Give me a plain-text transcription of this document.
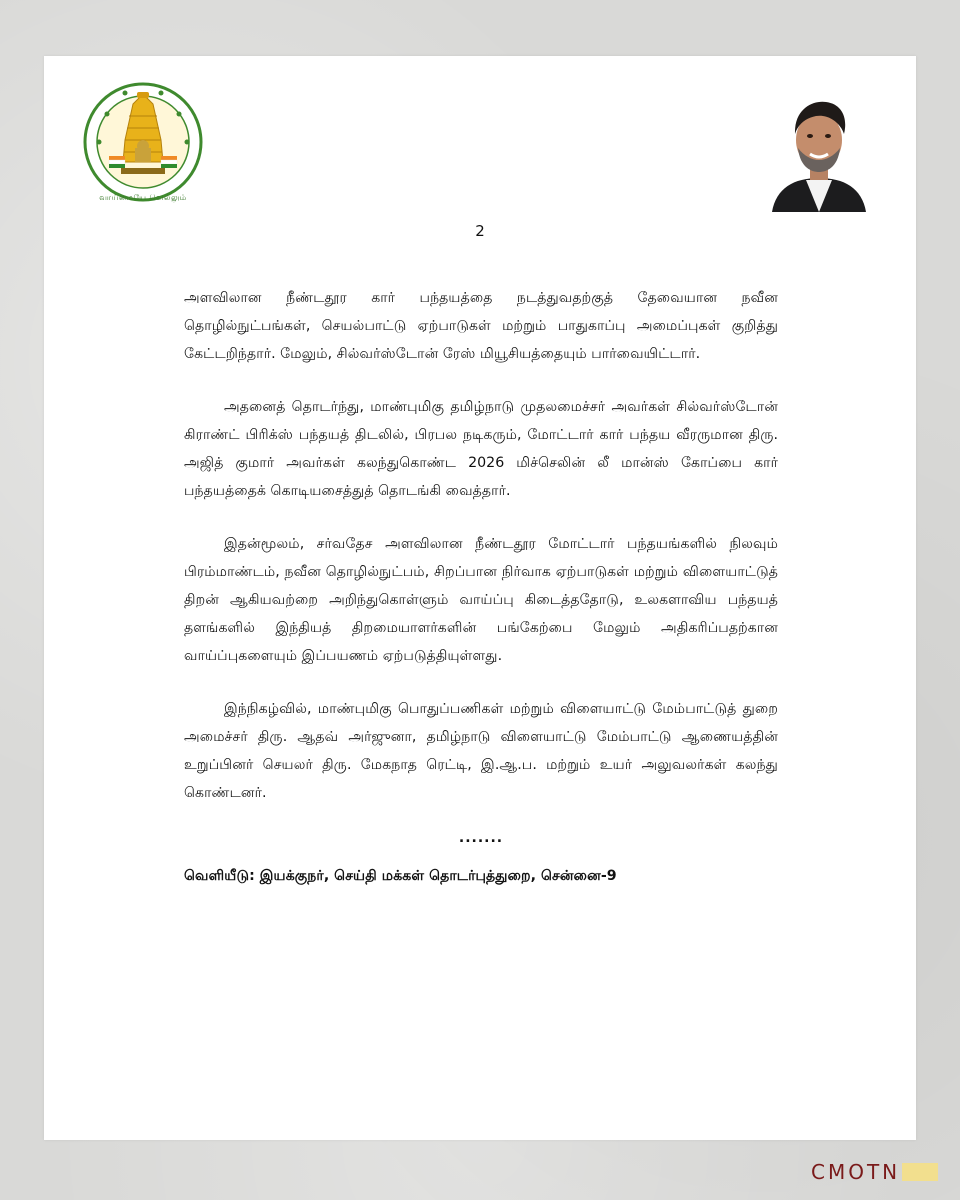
வாய்மையே வெல்லும்
2

அளவிலான நீண்டதூர கார் பந்தயத்தை நடத்துவதற்குத் தேவையான நவீன தொழில்நுட்பங்கள், செயல்பாட்டு ஏற்பாடுகள் மற்றும் பாதுகாப்பு அமைப்புகள் குறித்து கேட்டறிந்தார். மேலும், சில்வர்ஸ்டோன் ரேஸ் மியூசியத்தையும் பார்வையிட்டார்.

அதனைத் தொடர்ந்து, மாண்புமிகு தமிழ்நாடு முதலமைச்சர் அவர்கள் சில்வர்ஸ்டோன் கிராண்ட் பிரிக்ஸ் பந்தயத் திடலில், பிரபல நடிகரும், மோட்டார் கார் பந்தய வீரருமான திரு. அஜித் குமார் அவர்கள் கலந்துகொண்ட 2026 மிச்செலின் லீ மான்ஸ் கோப்பை கார் பந்தயத்தைக் கொடியசைத்துத் தொடங்கி வைத்தார்.

இதன்மூலம், சர்வதேச அளவிலான நீண்டதூர மோட்டார் பந்தயங்களில் நிலவும் பிரம்மாண்டம், நவீன தொழில்நுட்பம், சிறப்பான நிர்வாக ஏற்பாடுகள் மற்றும் விளையாட்டுத் திறன் ஆகியவற்றை அறிந்துகொள்ளும் வாய்ப்பு கிடைத்ததோடு, உலகளாவிய பந்தயத் தளங்களில் இந்தியத் திறமையாளர்களின் பங்கேற்பை மேலும் அதிகரிப்பதற்கான வாய்ப்புகளையும் இப்பயணம் ஏற்படுத்தியுள்ளது.

இந்நிகழ்வில், மாண்புமிகு பொதுப்பணிகள் மற்றும் விளையாட்டு மேம்பாட்டுத் துறை அமைச்சர் திரு. ஆதவ் அர்ஜுனா, தமிழ்நாடு விளையாட்டு மேம்பாட்டு ஆணையத்தின் உறுப்பினர் செயலர் திரு. மேகநாத ரெட்டி, இ.ஆ.ப. மற்றும் உயர் அலுவலர்கள் கலந்து கொண்டனர்.

.......
வெளியீடு: இயக்குநர், செய்தி மக்கள் தொடர்புத்துறை, சென்னை-9
CMOTN
